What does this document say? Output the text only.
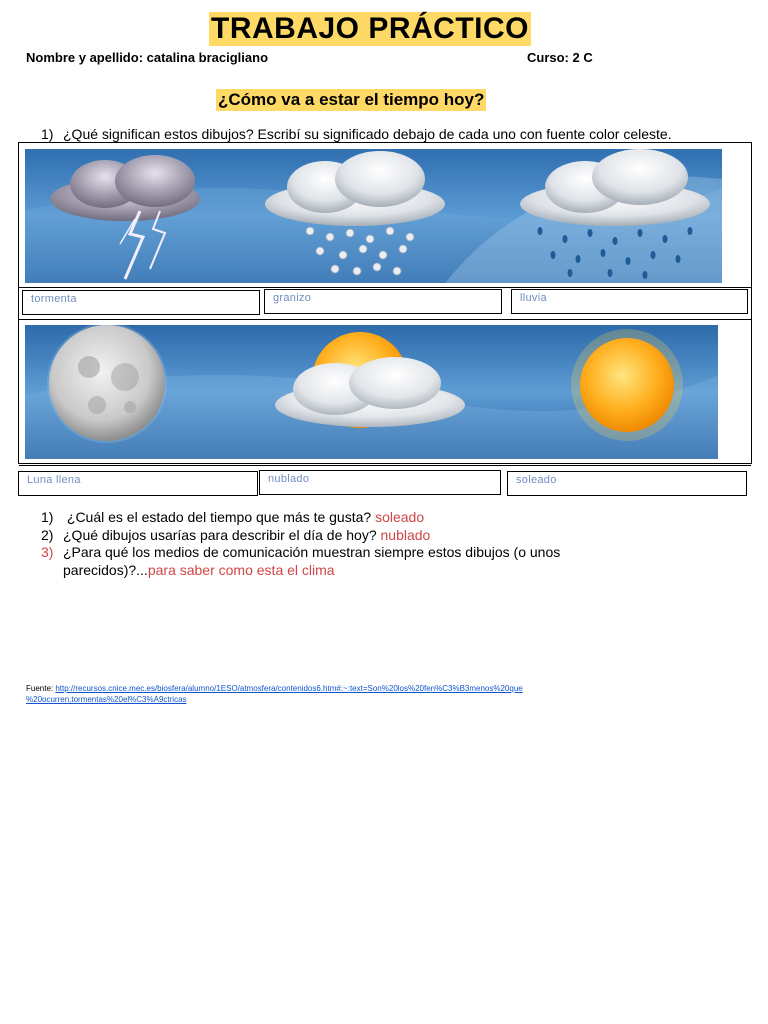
TRABAJO PRÁCTICO
Nombre y apellido: catalina bracigliano	Curso: 2 C
¿Cómo va a estar el tiempo hoy?
1) ¿Qué significan estos dibujos? Escribí su significado debajo de cada uno con fuente color celeste.
tormenta	granizo	lluvia
Luna llena	nublado	soleado
1) ¿Cuál es el estado del tiempo que más te gusta? soleado
2) ¿Qué dibujos usarías para describir el día de hoy? nublado
3) ¿Para qué los medios de comunicación muestran siempre estos dibujos (o unos
parecidos)?...para saber como esta el clima
Fuente: http://recursos.cnice.mec.es/biosfera/alumno/1ESO/atmosfera/contenidos6.htm#:~:text=Son%20los%20fen%C3%B3menos%20que
%20ocurren,tormentas%20el%C3%A9ctricas
